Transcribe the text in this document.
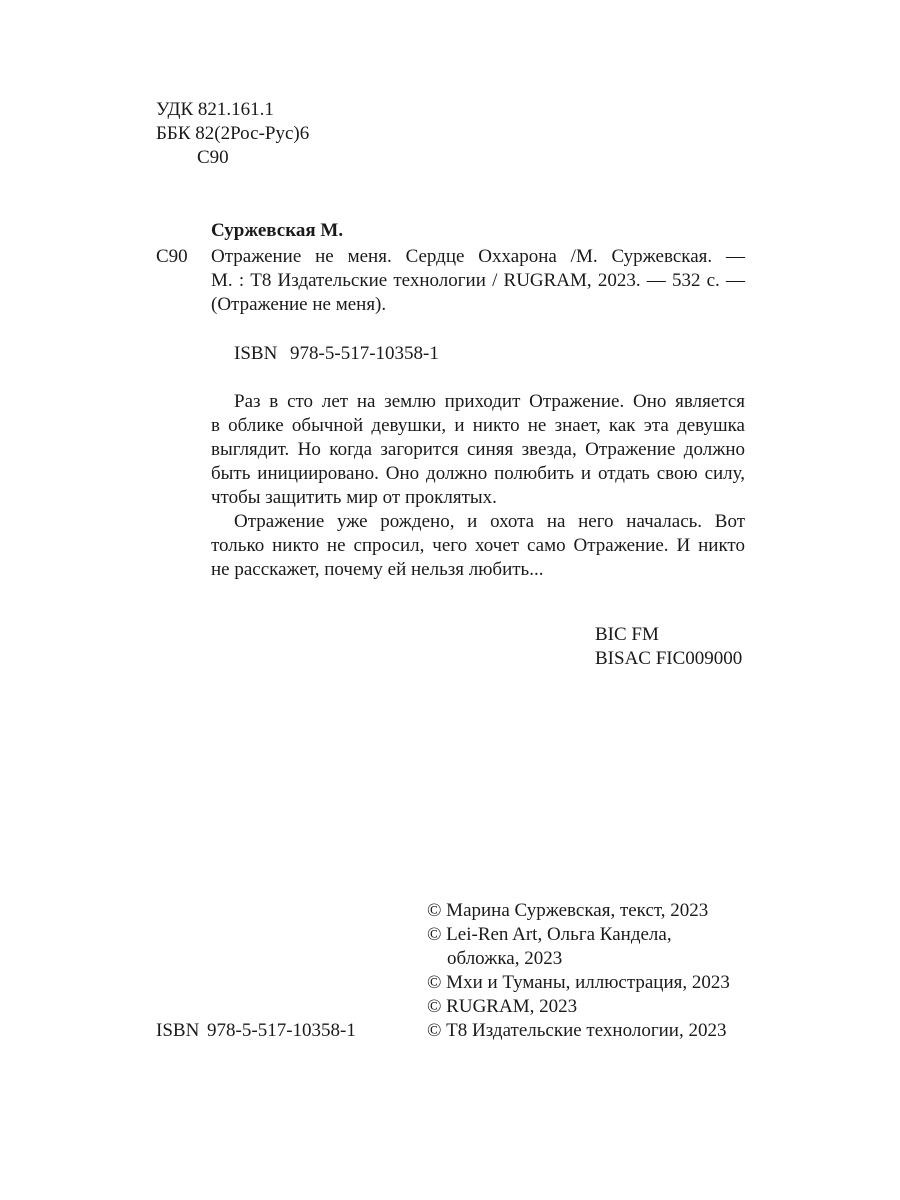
УДК 821.161.1
ББК 82(2Рос-Рус)6
С90
Суржевская М.
С90 Отражение не меня. Сердце Оххарона /М. Суржевская. —
М. : Т8 Издательские технологии / RUGRAM, 2023. — 532 с. —
(Отражение не меня).
ISBN 978-5-517-10358-1
Раз в сто лет на землю приходит Отражение. Оно является
в облике обычной девушки, и никто не знает, как эта девушка
выглядит. Но когда загорится синяя звезда, Отражение должно
быть инициировано. Оно должно полюбить и отдать свою силу,
чтобы защитить мир от проклятых.
Отражение уже рождено, и охота на него началась. Вот
только никто не спросил, чего хочет само Отражение. И никто
не расскажет, почему ей нельзя любить...
BIC FM
BISAC FIC009000
© Марина Суржевская, текст, 2023
© Lei-Ren Art, Ольга Кандела,
обложка, 2023
© Мхи и Туманы, иллюстрация, 2023
© RUGRAM, 2023
© Т8 Издательские технологии, 2023
ISBN 978-5-517-10358-1
